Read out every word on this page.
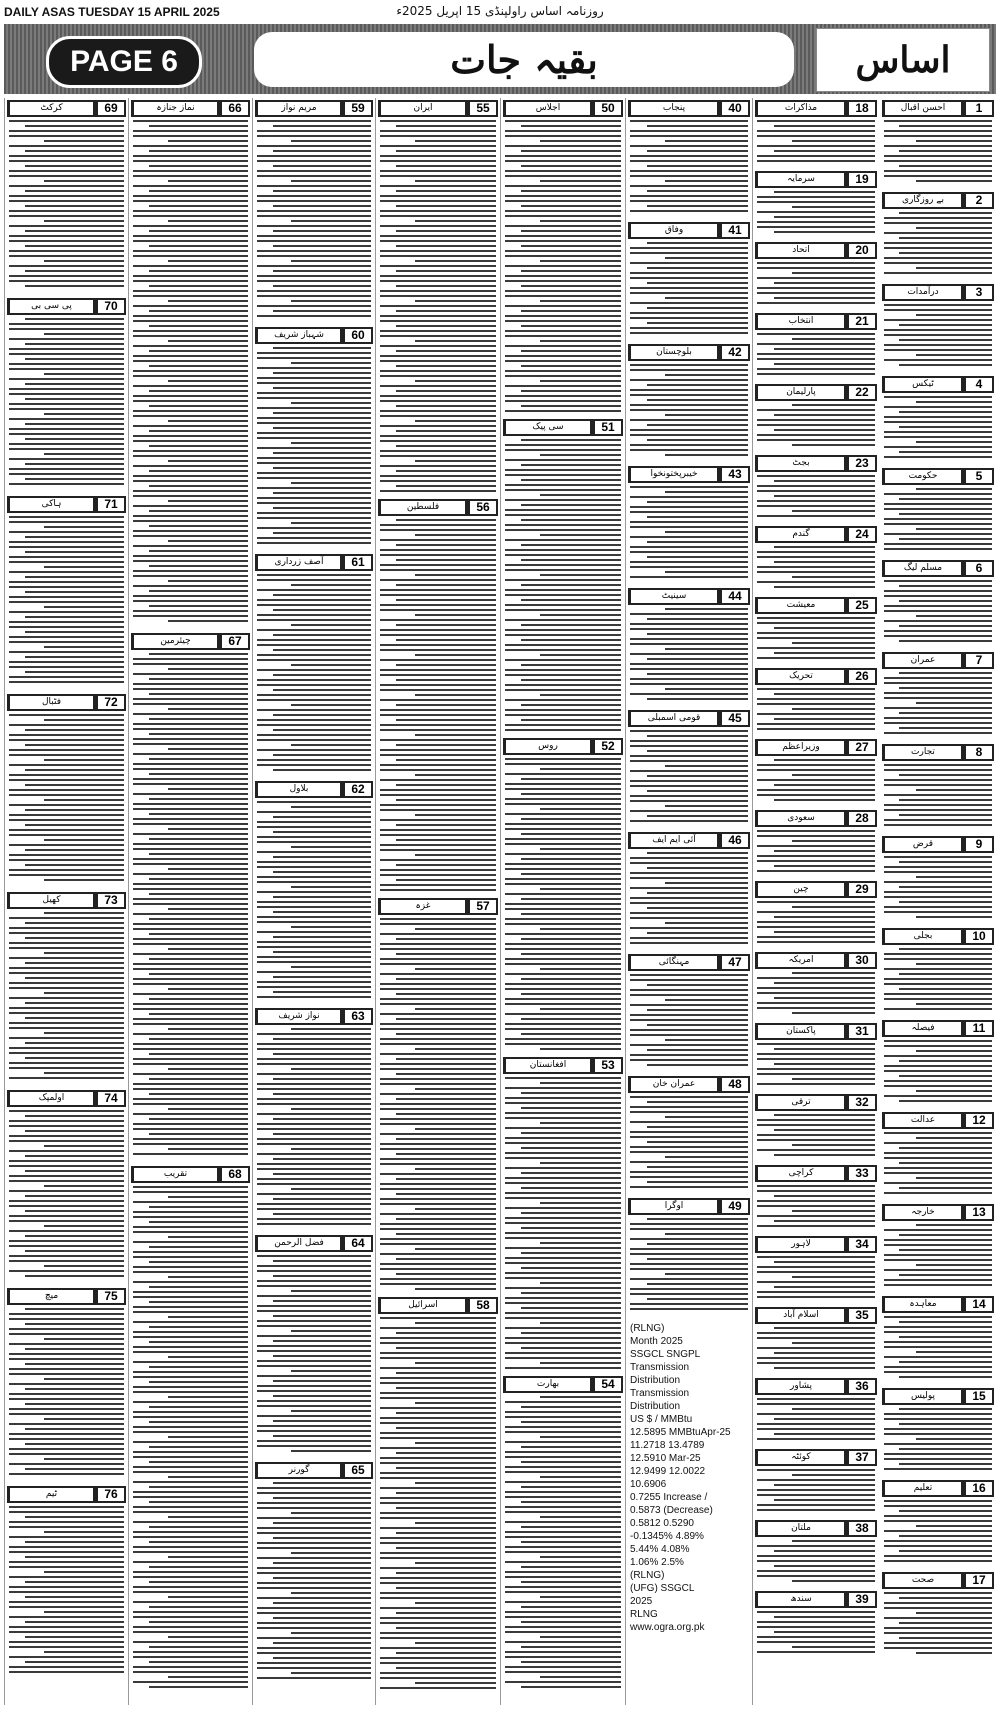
DAILY ASAS TUESDAY 15 APRIL 2025	روزنامہ اساس راولپنڈی 15 اپریل 2025ء
PAGE 6	بقیہ جات	اساس
1
احسن اقبال
2
بے روزگاری
3
درآمدات
4
ٹیکس
5
حکومت
6
مسلم لیگ
7
عمران
8
تجارت
9
قرض
10
بجلی
11
فیصلہ
12
عدالت
13
خارجہ
14
معاہدہ
15
پولیس
16
تعلیم
17
صحت
18
مذاکرات
19
سرمایہ
20
اتحاد
21
انتخاب
22
پارلیمان
23
بجٹ
24
گندم
25
معیشت
26
تحریک
27
وزیراعظم
28
سعودی
29
چین
30
امریکہ
31
پاکستان
32
ترقی
33
کراچی
34
لاہور
35
اسلام آباد
36
پشاور
37
کوئٹہ
38
ملتان
39
سندھ
40
پنجاب
41
وفاق
42
بلوچستان
43
خیبرپختونخوا
44
سینیٹ
45
قومی اسمبلی
46
آئی ایم ایف
47
مہنگائی
48
عمران خان
49
اوگرا
(RLNG)
Month 2025
SSGCL SNGPL
Transmission
Distribution
Transmission
Distribution
US $ / MMBtu
12.5895 MMBtuApr-25
11.2718 13.4789
12.5910 Mar-25
12.9499 12.0022
10.6906
0.7255 Increase /
0.5873 (Decrease)
0.5812 0.5290
-0.1345% 4.89%
5.44% 4.08%
1.06% 2.5%
(RLNG)
(UFG) SSGCL
2025
RLNG
www.ogra.org.pk
50
اجلاس
51
سی پیک
52
روس
53
افغانستان
54
بھارت
55
ایران
56
فلسطین
57
غزہ
58
اسرائیل
59
مریم نواز
60
شہباز شریف
61
آصف زرداری
62
بلاول
63
نواز شریف
64
فضل الرحمن
65
گورنر
66
نماز جنازہ
67
چیئرمین
68
تقریب
69
کرکٹ
70
پی سی بی
71
ہاکی
72
فٹبال
73
کھیل
74
اولمپک
75
میچ
76
ٹیم
